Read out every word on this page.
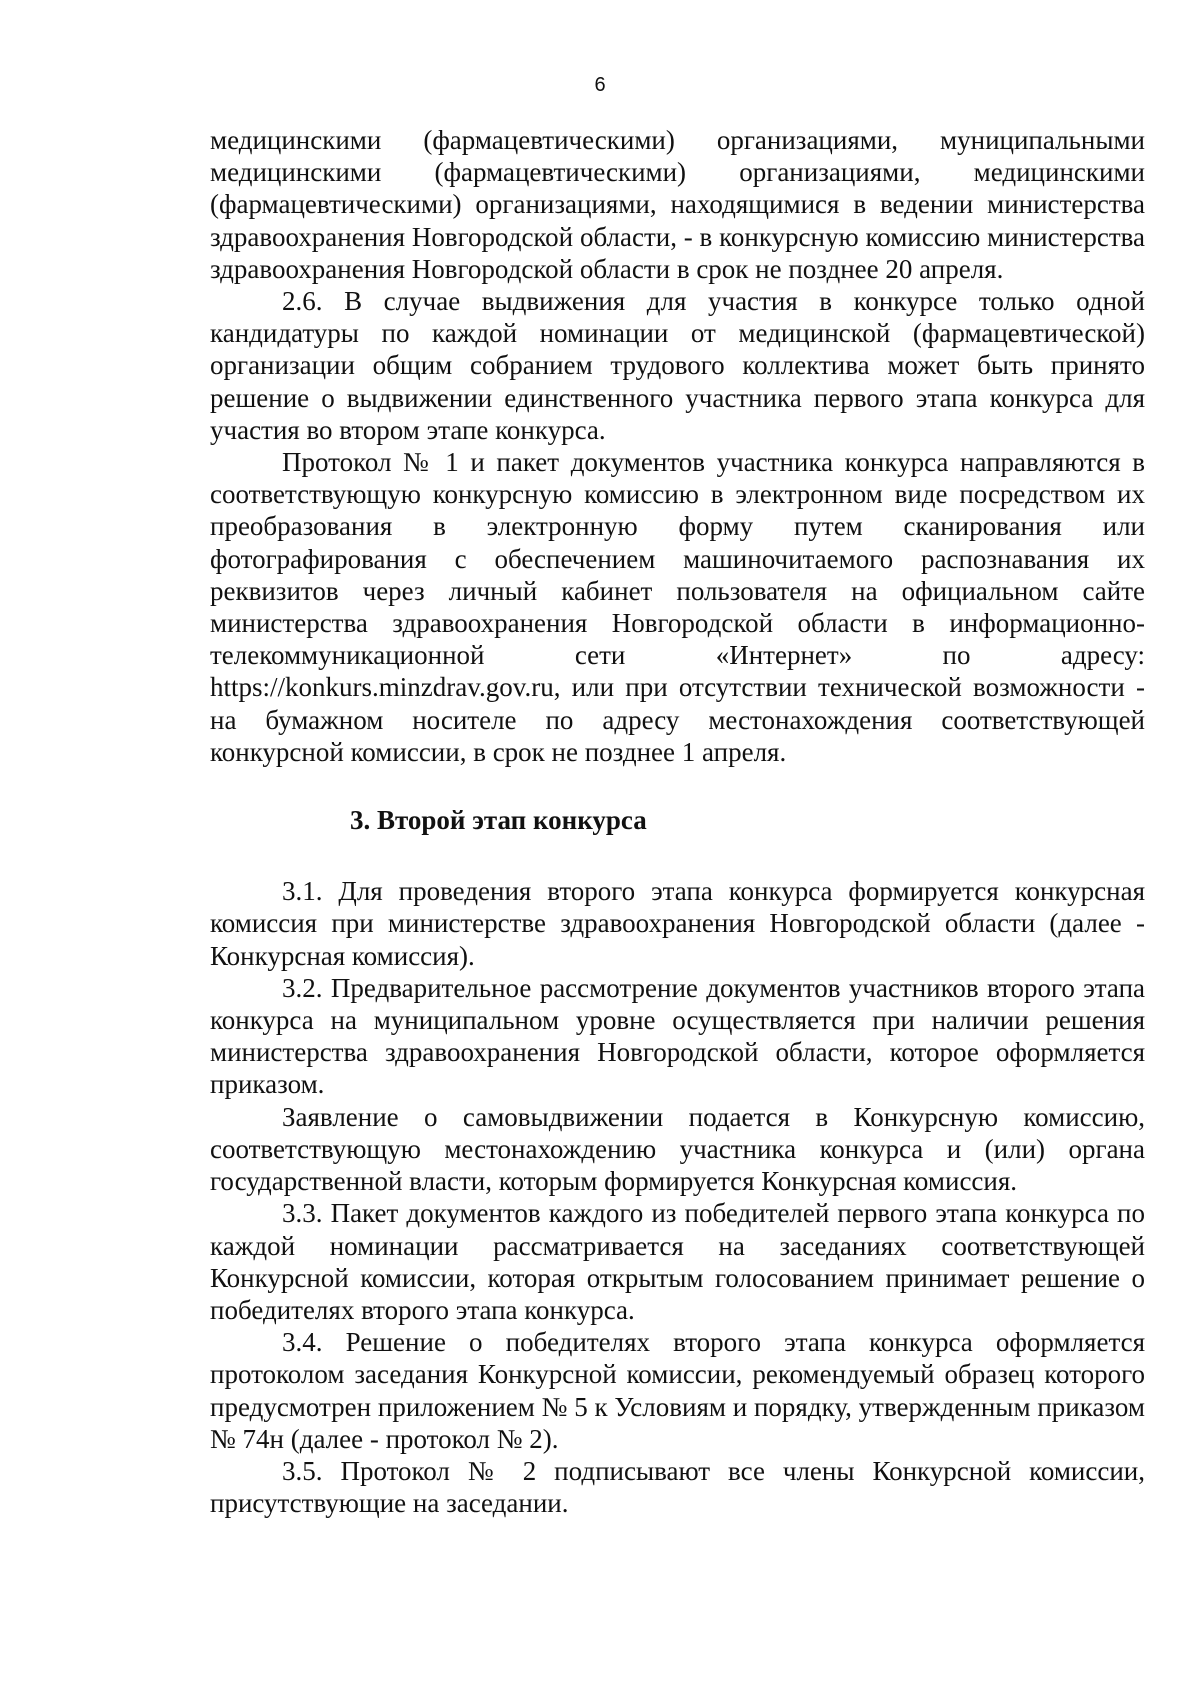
6

медицинскими (фармацевтическими) организациями, муниципальными медицинскими (фармацевтическими) организациями, медицинскими (фармацевтическими) организациями, находящимися в ведении министерства здравоохранения Новгородской области, - в конкурсную комиссию министерства здравоохранения Новгородской области в срок не позднее 20 апреля.

2.6. В случае выдвижения для участия в конкурсе только одной кандидатуры по каждой номинации от медицинской (фармацевтической) организации общим собранием трудового коллектива может быть принято решение о выдвижении единственного участника первого этапа конкурса для участия во втором этапе конкурса.

Протокол № 1 и пакет документов участника конкурса направляются в соответствующую конкурсную комиссию в электронном виде посредством их преобразования в электронную форму путем сканирования или фотографирования с обеспечением машиночитаемого распознавания их реквизитов через личный кабинет пользователя на официальном сайте министерства здравоохранения Новгородской области в информационно-телекоммуникационной сети «Интернет» по адресу: https://konkurs.minzdrav.gov.ru, или при отсутствии технической возможности - на бумажном носителе по адресу местонахождения соответствующей конкурсной комиссии, в срок не позднее 1 апреля.

3. Второй этап конкурса

3.1. Для проведения второго этапа конкурса формируется конкурсная комиссия при министерстве здравоохранения Новгородской области (далее - Конкурсная комиссия).

3.2. Предварительное рассмотрение документов участников второго этапа конкурса на муниципальном уровне осуществляется при наличии решения министерства здравоохранения Новгородской области, которое оформляется приказом.

Заявление о самовыдвижении подается в Конкурсную комиссию, соответствующую местонахождению участника конкурса и (или) органа государственной власти, которым формируется Конкурсная комиссия.

3.3. Пакет документов каждого из победителей первого этапа конкурса по каждой номинации рассматривается на заседаниях соответствующей Конкурсной комиссии, которая открытым голосованием принимает решение о победителях второго этапа конкурса.

3.4. Решение о победителях второго этапа конкурса оформляется протоколом заседания Конкурсной комиссии, рекомендуемый образец которого предусмотрен приложением № 5 к Условиям и порядку, утвержденным приказом № 74н (далее - протокол № 2).

3.5. Протокол № 2 подписывают все члены Конкурсной комиссии, присутствующие на заседании.
